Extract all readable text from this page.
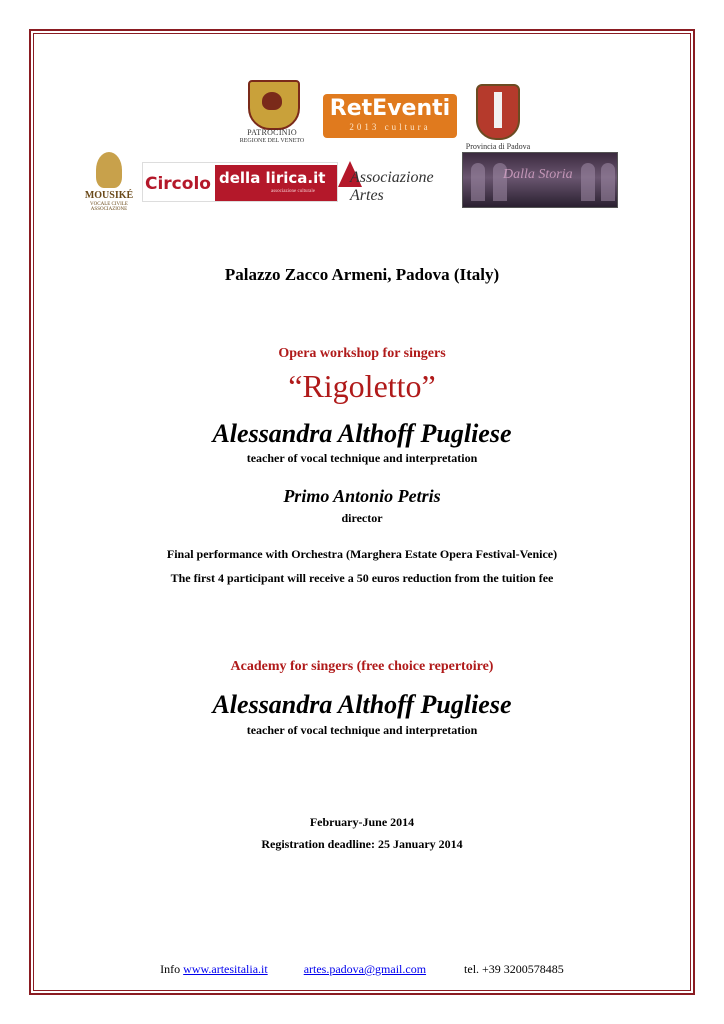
PATROCINIO
REGIONE DEL VENETO
RetEventi
2013 cultura
Provincia di Padova
MOUSIKÉ
VOCALE CIVILE ASSOCIAZIONE
Circolo della lirica.it
associazione culturale
Associazione Artes
Dalla Storia
Palazzo Zacco Armeni, Padova (Italy)
Opera workshop for singers
“Rigoletto”
Alessandra Althoff Pugliese
teacher of vocal technique and interpretation
Primo Antonio Petris
director
Final performance with Orchestra (Marghera Estate Opera Festival-Venice)
The first 4 participant will receive a 50 euros reduction from the tuition fee
Academy for singers (free choice repertoire)
Alessandra Althoff Pugliese
teacher of vocal technique and interpretation
February-June 2014
Registration deadline: 25 January 2014
Info www.artesitalia.it	artes.padova@gmail.com	tel. +39 3200578485
